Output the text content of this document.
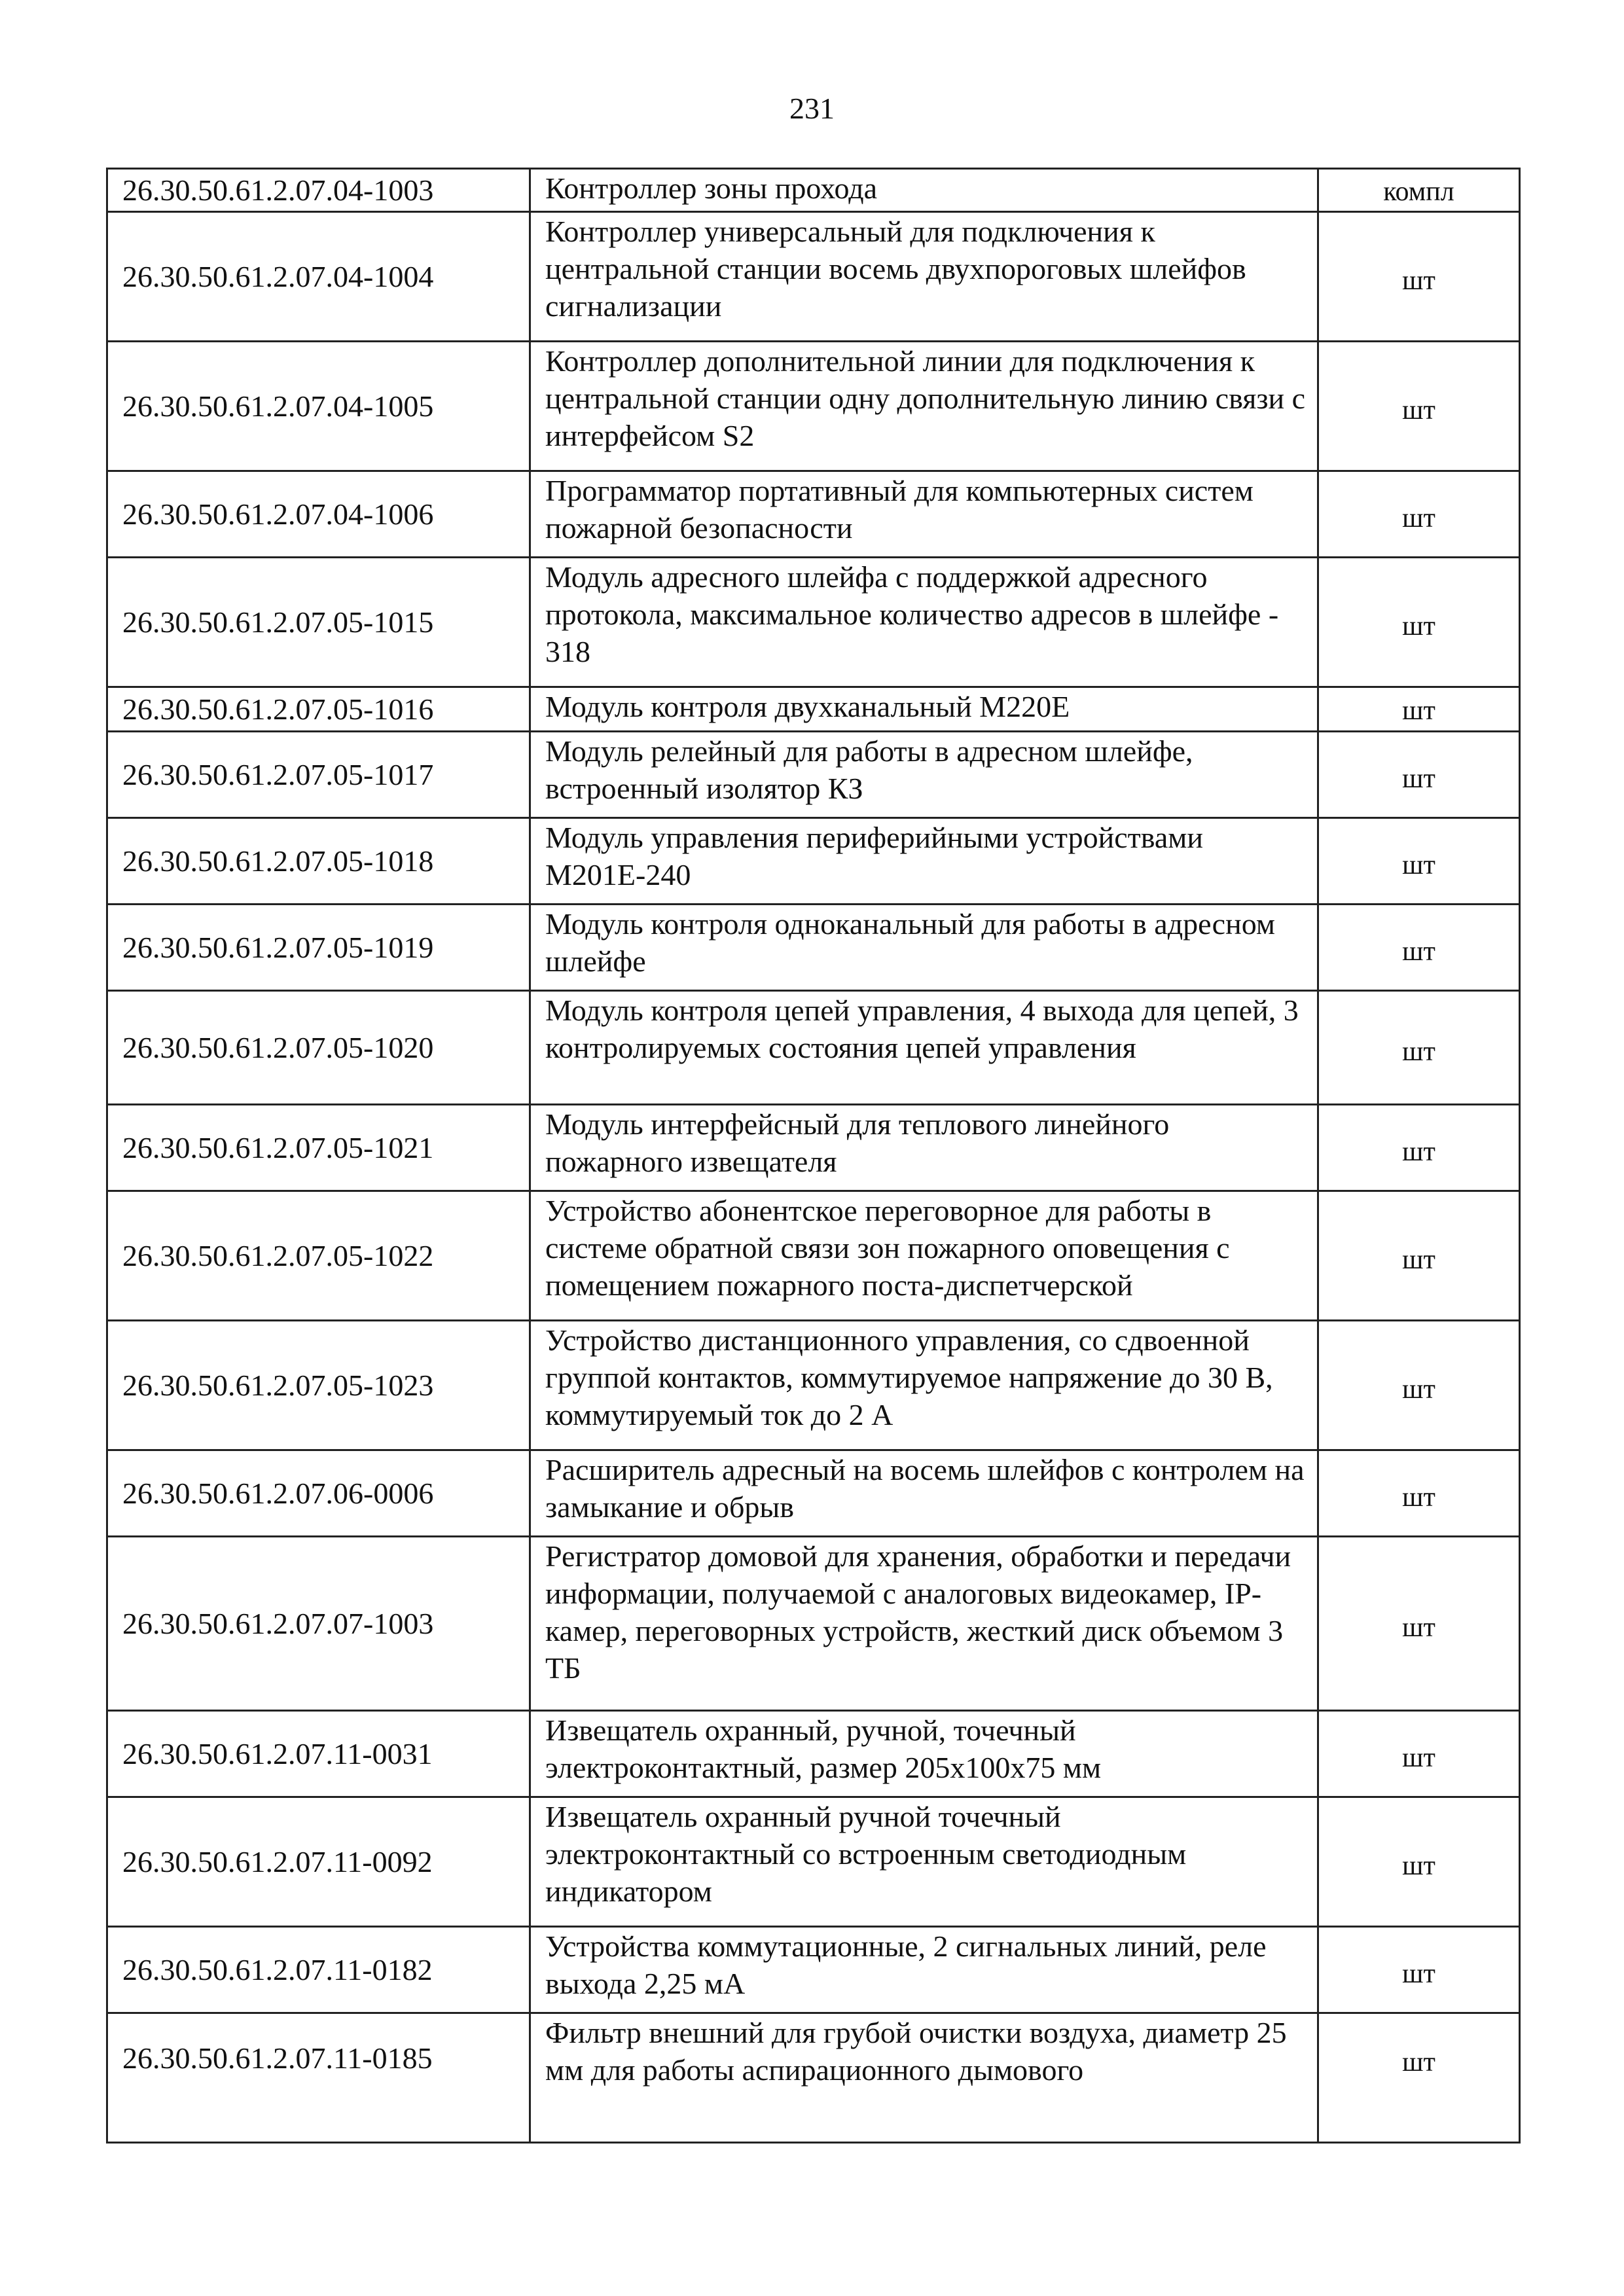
231
26.30.50.61.2.07.04-1003	Контроллер зоны прохода	компл
26.30.50.61.2.07.04-1004	Контроллер универсальный для подключения к центральной станции восемь двухпороговых шлейфов сигнализации	шт
26.30.50.61.2.07.04-1005	Контроллер дополнительной линии для подключения к центральной станции одну дополнительную линию связи с интерфейсом S2	шт
26.30.50.61.2.07.04-1006	Программатор портативный для компьютерных систем пожарной безопасности	шт
26.30.50.61.2.07.05-1015	Модуль адресного шлейфа с поддержкой адресного протокола, максимальное количество адресов в шлейфе - 318	шт
26.30.50.61.2.07.05-1016	Модуль контроля двухканальный M220E	шт
26.30.50.61.2.07.05-1017	Модуль релейный для работы в адресном шлейфе, встроенный изолятор КЗ	шт
26.30.50.61.2.07.05-1018	Модуль управления периферийными устройствами M201E-240	шт
26.30.50.61.2.07.05-1019	Модуль контроля одноканальный для работы в адресном шлейфе	шт
26.30.50.61.2.07.05-1020	Модуль контроля цепей управления, 4 выхода для цепей, 3 контролируемых состояния цепей управления	шт
26.30.50.61.2.07.05-1021	Модуль интерфейсный для теплового линейного пожарного извещателя	шт
26.30.50.61.2.07.05-1022	Устройство абонентское переговорное для работы в системе обратной связи зон пожарного оповещения с помещением пожарного поста-диспетчерской	шт
26.30.50.61.2.07.05-1023	Устройство дистанционного управления, со сдвоенной группой контактов, коммутируемое напряжение до 30 В, коммутируемый ток до 2 А	шт
26.30.50.61.2.07.06-0006	Расширитель адресный на восемь шлейфов с контролем на замыкание и обрыв	шт
26.30.50.61.2.07.07-1003	Регистратор домовой для хранения, обработки и передачи информации, получаемой с аналоговых видеокамер, IP-камер, переговорных устройств, жесткий диск объемом 3 ТБ	шт
26.30.50.61.2.07.11-0031	Извещатель охранный, ручной, точечный электроконтактный, размер 205х100х75 мм	шт
26.30.50.61.2.07.11-0092	Извещатель охранный ручной точечный электроконтактный со встроенным светодиодным индикатором	шт
26.30.50.61.2.07.11-0182	Устройства коммутационные, 2 сигнальных линий, реле выхода 2,25 мА	шт
26.30.50.61.2.07.11-0185	Фильтр внешний для грубой очистки воздуха, диаметр 25 мм для работы аспирационного дымового	шт
